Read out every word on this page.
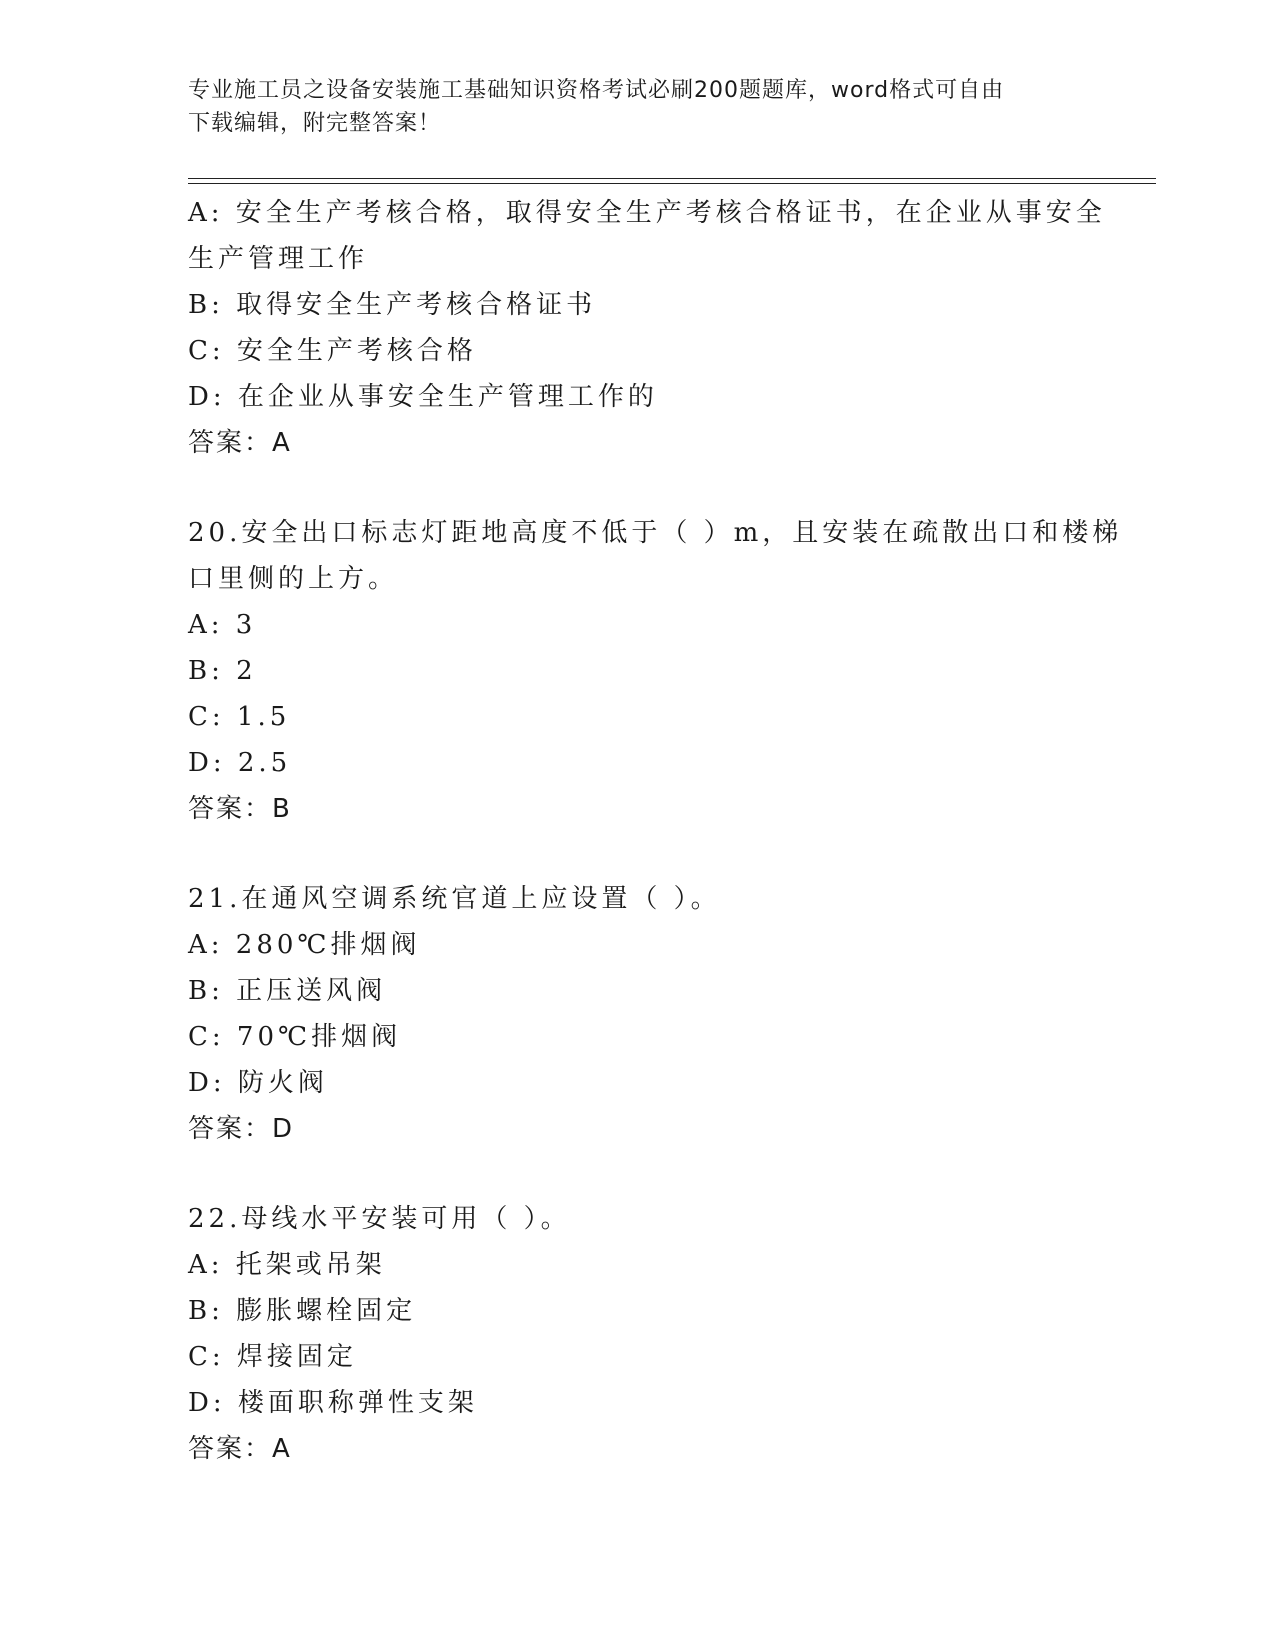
专业施工员之设备安装施工基础知识资格考试必刷200题题库，word格式可自由
下载编辑，附完整答案！
A: 安全生产考核合格，取得安全生产考核合格证书，在企业从事安全
生产管理工作
B: 取得安全生产考核合格证书
C: 安全生产考核合格
D: 在企业从事安全生产管理工作的
答案：A
20.安全出口标志灯距地高度不低于（ ）m，且安装在疏散出口和楼梯
口里侧的上方。
A: 3
B: 2
C: 1.5
D: 2.5
答案：B
21.在通风空调系统官道上应设置（ ）。
A: 280℃排烟阀
B: 正压送风阀
C: 70℃排烟阀
D: 防火阀
答案：D
22.母线水平安装可用（ ）。
A: 托架或吊架
B: 膨胀螺栓固定
C: 焊接固定
D: 楼面职称弹性支架
答案：A
